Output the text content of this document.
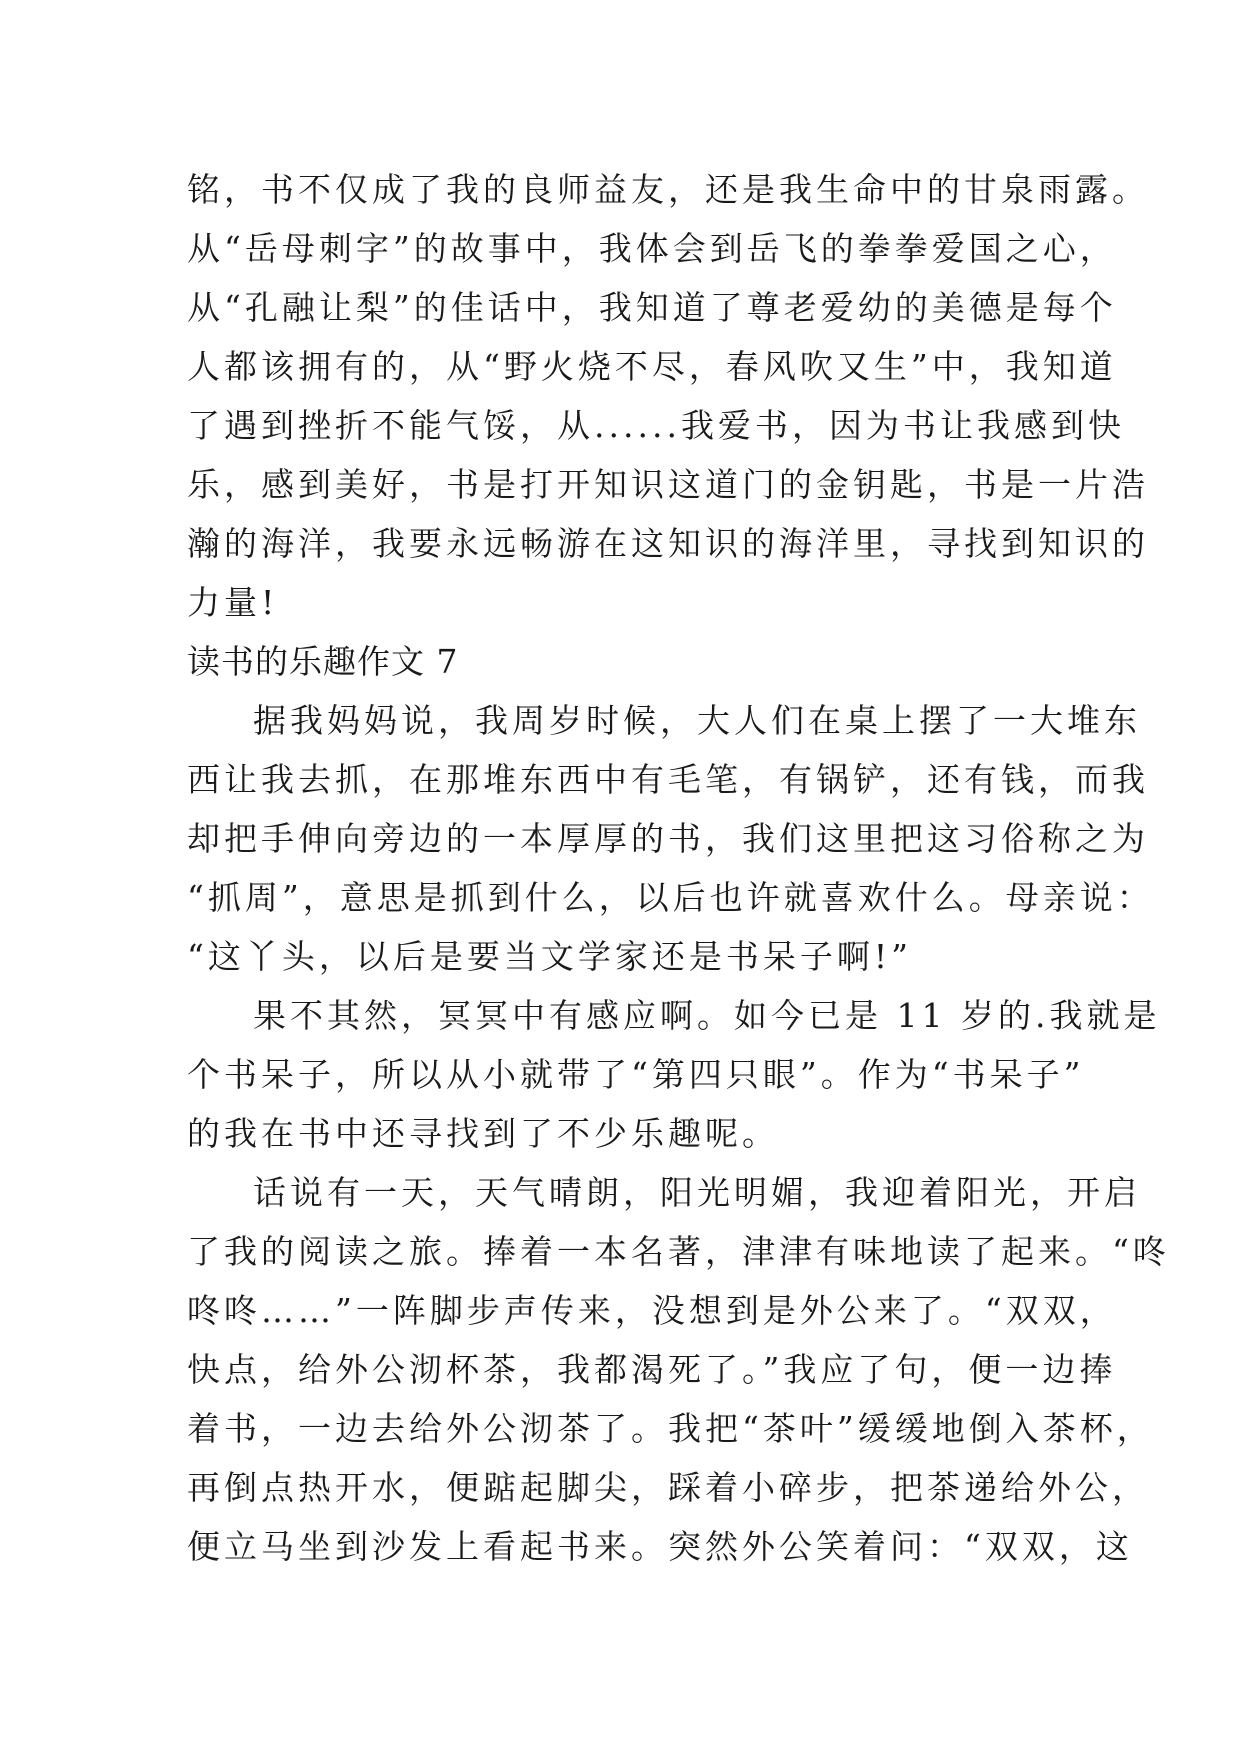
铭，书不仅成了我的良师益友，还是我生命中的甘泉雨露。
从“岳母刺字”的故事中，我体会到岳飞的拳拳爱国之心，
从“孔融让梨”的佳话中，我知道了尊老爱幼的美德是每个
人都该拥有的，从“野火烧不尽，春风吹又生”中，我知道
了遇到挫折不能气馁，从......我爱书，因为书让我感到快
乐，感到美好，书是打开知识这道门的金钥匙，书是一片浩
瀚的海洋，我要永远畅游在这知识的海洋里，寻找到知识的
力量!
读书的乐趣作文 7
据我妈妈说，我周岁时候，大人们在桌上摆了一大堆东
西让我去抓，在那堆东西中有毛笔，有锅铲，还有钱，而我
却把手伸向旁边的一本厚厚的书，我们这里把这习俗称之为
“抓周”，意思是抓到什么，以后也许就喜欢什么。母亲说：
“这丫头，以后是要当文学家还是书呆子啊!”
果不其然，冥冥中有感应啊。如今已是 11 岁的.我就是
个书呆子，所以从小就带了“第四只眼”。作为“书呆子”
的我在书中还寻找到了不少乐趣呢。
话说有一天，天气晴朗，阳光明媚，我迎着阳光，开启
了我的阅读之旅。捧着一本名著，津津有味地读了起来。“咚
咚咚……”一阵脚步声传来，没想到是外公来了。“双双，
快点，给外公沏杯茶，我都渴死了。”我应了句，便一边捧
着书，一边去给外公沏茶了。我把“茶叶”缓缓地倒入茶杯，
再倒点热开水，便踮起脚尖，踩着小碎步，把茶递给外公，
便立马坐到沙发上看起书来。突然外公笑着问：“双双，这
